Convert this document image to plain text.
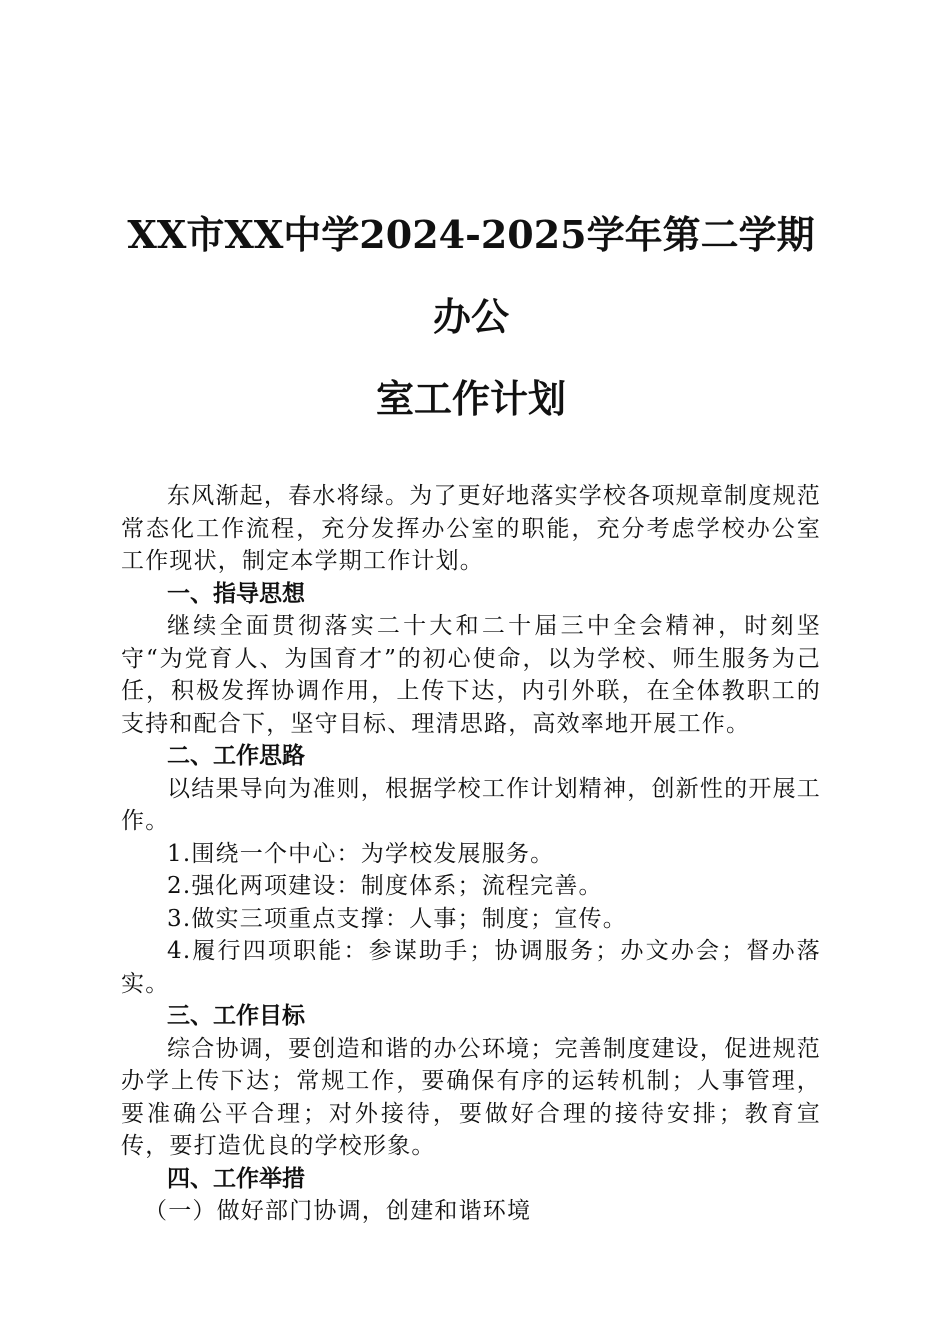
XX市XX中学2024-2025学年第二学期办公
室工作计划

东风渐起，春水将绿。为了更好地落实学校各项规章制度规范常态化工作流程，充分发挥办公室的职能，充分考虑学校办公室工作现状，制定本学期工作计划。

一、指导思想

继续全面贯彻落实二十大和二十届三中全会精神，时刻坚守“为党育人、为国育才”的初心使命，以为学校、师生服务为己任，积极发挥协调作用，上传下达，内引外联，在全体教职工的支持和配合下，坚守目标、理清思路，高效率地开展工作。

二、工作思路

以结果导向为准则，根据学校工作计划精神，创新性的开展工作。

1.围绕一个中心：为学校发展服务。

2.强化两项建设：制度体系；流程完善。

3.做实三项重点支撑：人事；制度；宣传。

4.履行四项职能：参谋助手；协调服务；办文办会；督办落实。

三、工作目标

综合协调，要创造和谐的办公环境；完善制度建设，促进规范办学上传下达；常规工作，要确保有序的运转机制；人事管理，要准确公平合理；对外接待，要做好合理的接待安排；教育宣传，要打造优良的学校形象。

四、工作举措

（一）做好部门协调，创建和谐环境
